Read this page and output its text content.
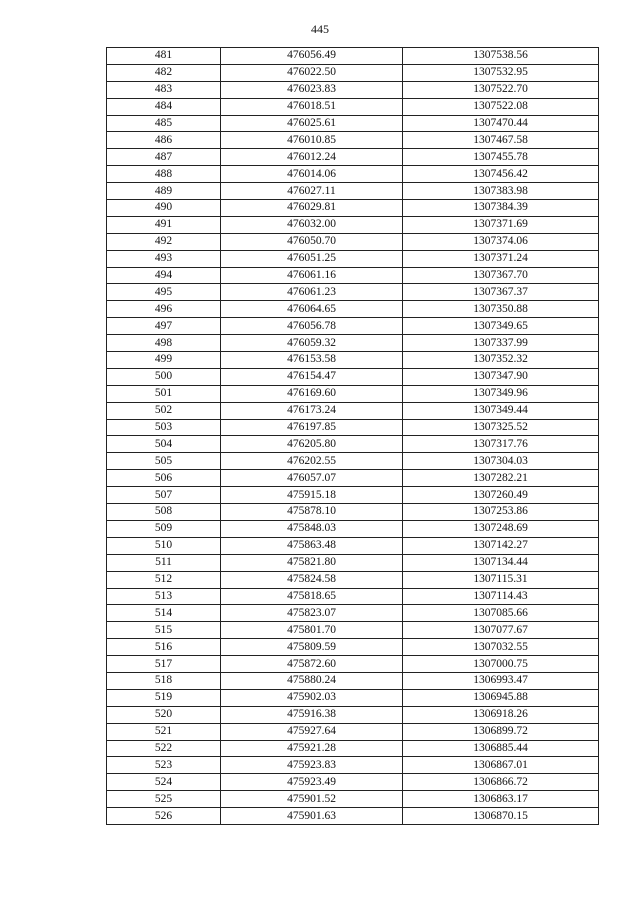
445
481	476056.49	1307538.56
482	476022.50	1307532.95
483	476023.83	1307522.70
484	476018.51	1307522.08
485	476025.61	1307470.44
486	476010.85	1307467.58
487	476012.24	1307455.78
488	476014.06	1307456.42
489	476027.11	1307383.98
490	476029.81	1307384.39
491	476032.00	1307371.69
492	476050.70	1307374.06
493	476051.25	1307371.24
494	476061.16	1307367.70
495	476061.23	1307367.37
496	476064.65	1307350.88
497	476056.78	1307349.65
498	476059.32	1307337.99
499	476153.58	1307352.32
500	476154.47	1307347.90
501	476169.60	1307349.96
502	476173.24	1307349.44
503	476197.85	1307325.52
504	476205.80	1307317.76
505	476202.55	1307304.03
506	476057.07	1307282.21
507	475915.18	1307260.49
508	475878.10	1307253.86
509	475848.03	1307248.69
510	475863.48	1307142.27
511	475821.80	1307134.44
512	475824.58	1307115.31
513	475818.65	1307114.43
514	475823.07	1307085.66
515	475801.70	1307077.67
516	475809.59	1307032.55
517	475872.60	1307000.75
518	475880.24	1306993.47
519	475902.03	1306945.88
520	475916.38	1306918.26
521	475927.64	1306899.72
522	475921.28	1306885.44
523	475923.83	1306867.01
524	475923.49	1306866.72
525	475901.52	1306863.17
526	475901.63	1306870.15
